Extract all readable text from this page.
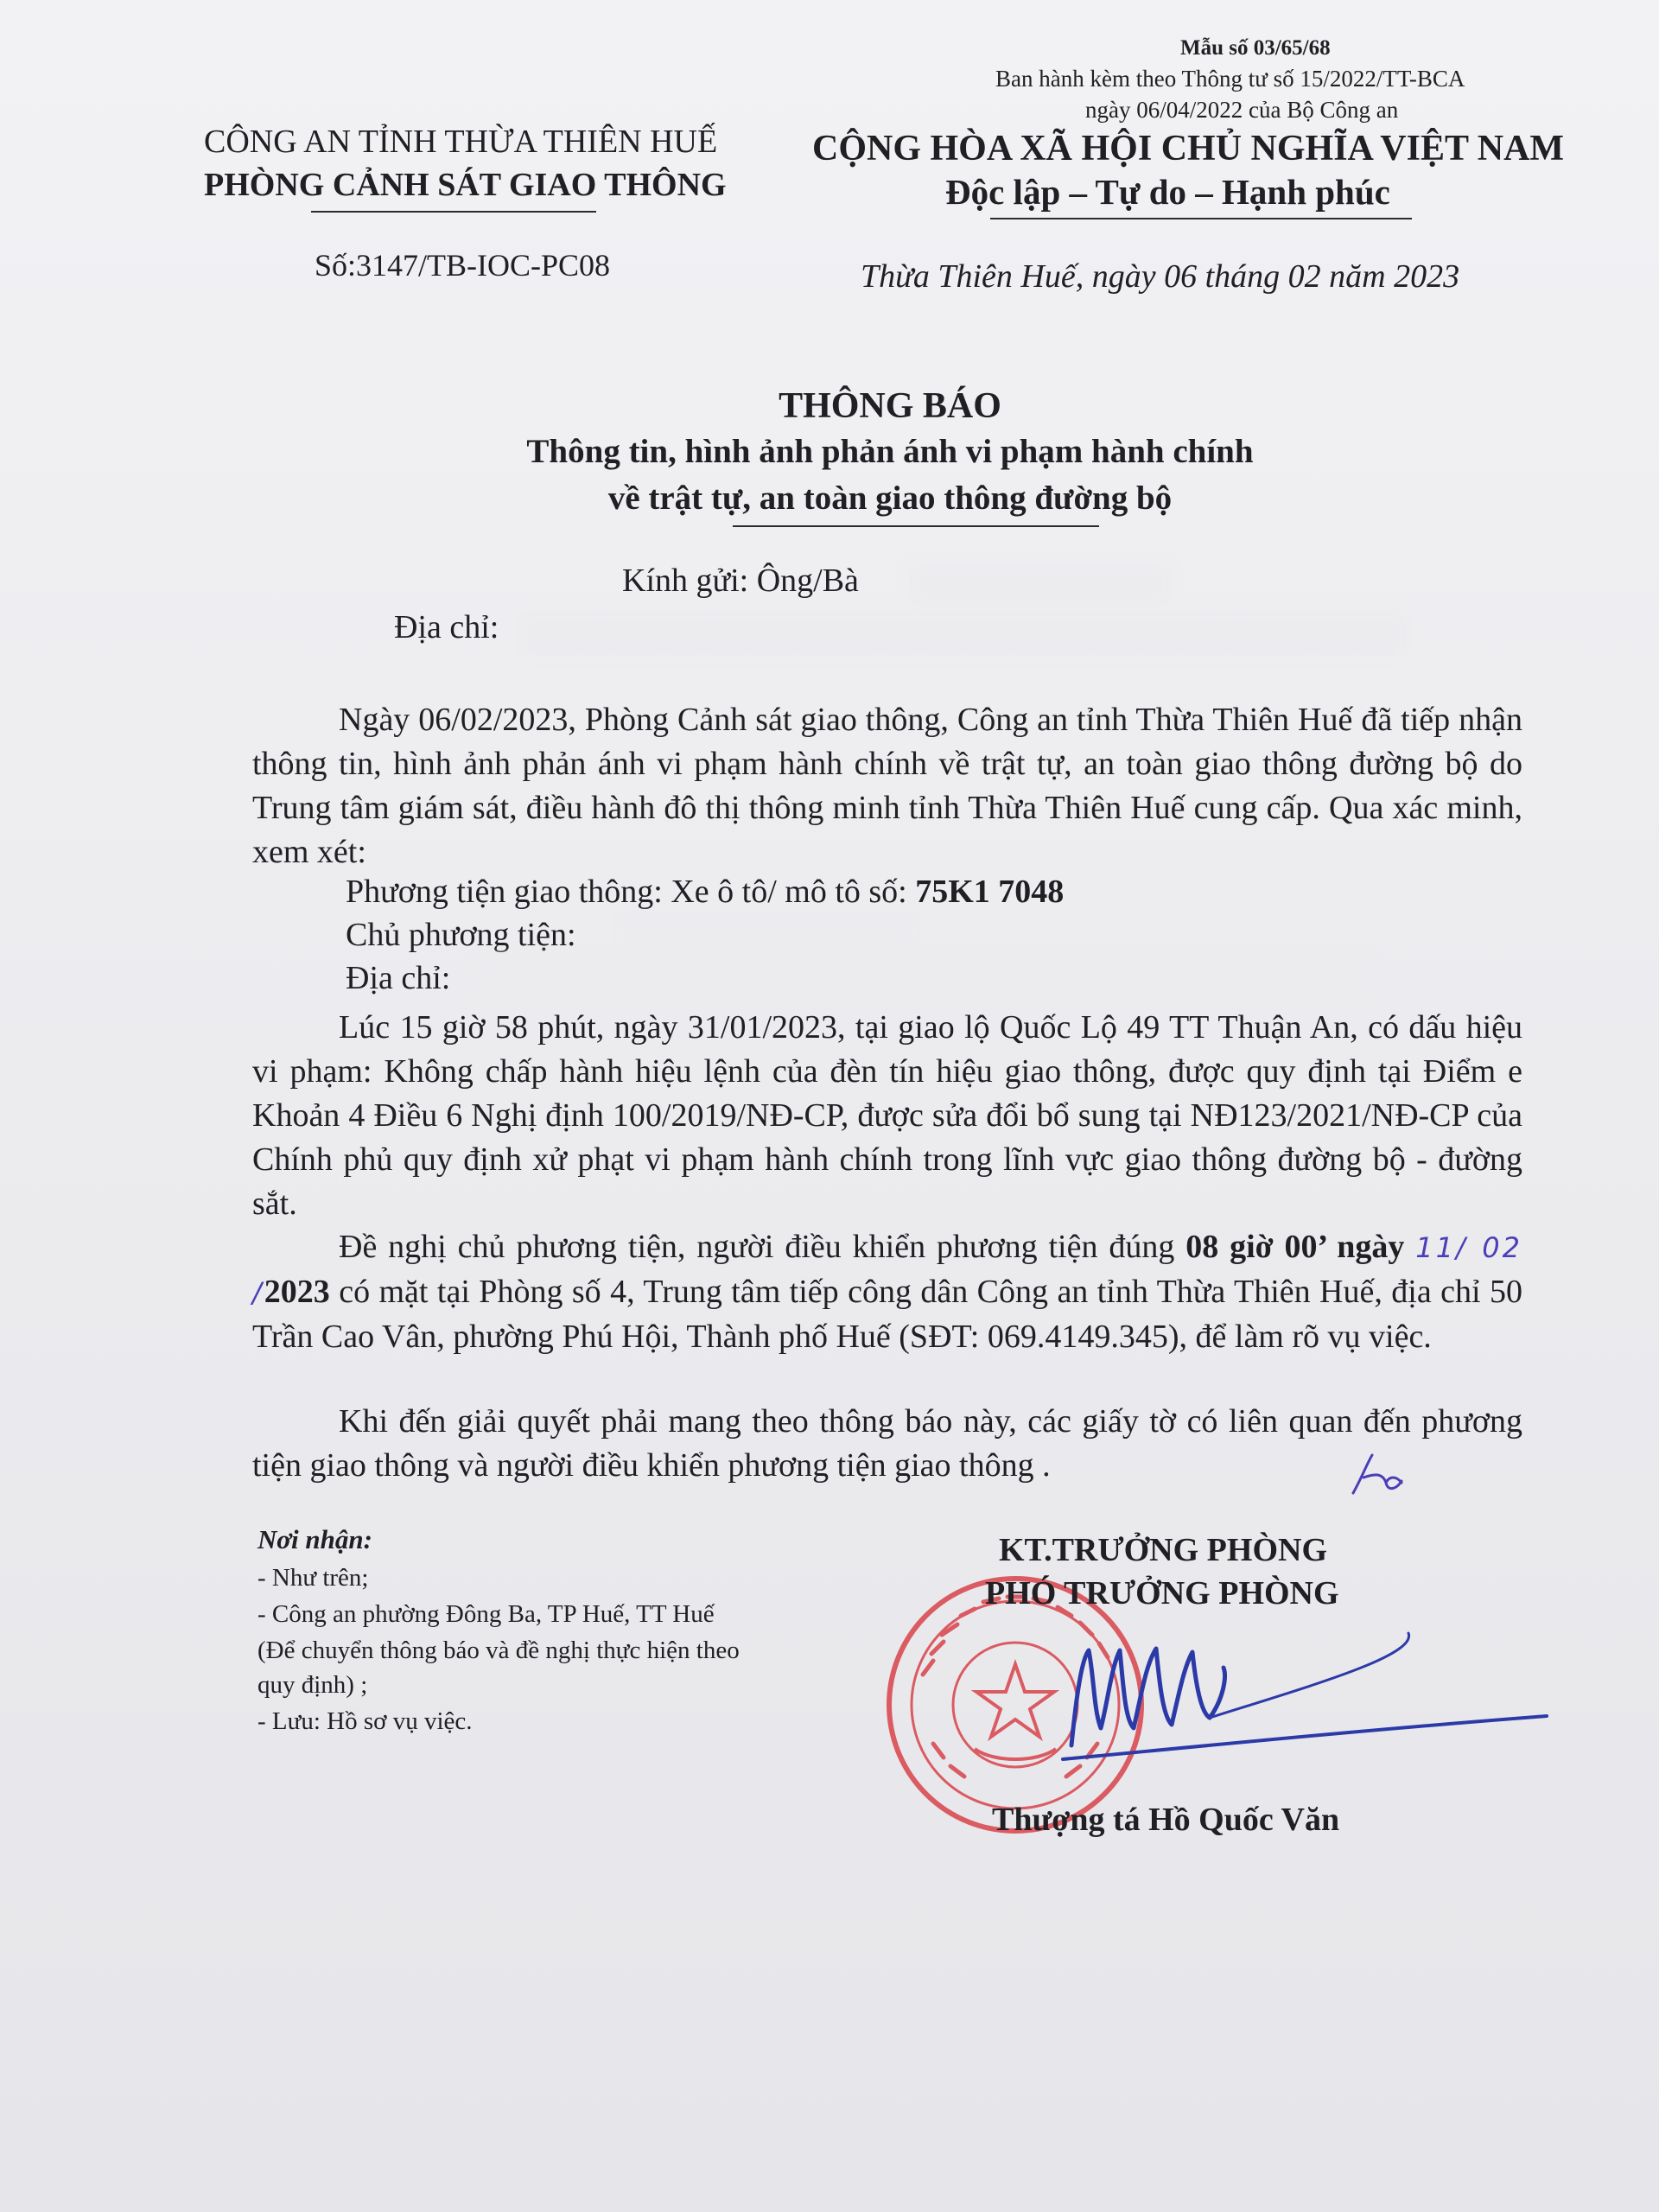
Mẫu số 03/65/68
Ban hành kèm theo Thông tư số 15/2022/TT-BCA
ngày 06/04/2022 của Bộ Công an
CÔNG AN TỈNH THỪA THIÊN HUẾ
PHÒNG CẢNH SÁT GIAO THÔNG
Số:3147/TB-IOC-PC08
CỘNG HÒA XÃ HỘI CHỦ NGHĨA VIỆT NAM
Độc lập – Tự do – Hạnh phúc
Thừa Thiên Huế, ngày 06 tháng 02 năm 2023
THÔNG BÁO
Thông tin, hình ảnh phản ánh vi phạm hành chính
về trật tự, an toàn giao thông đường bộ
Kính gửi: Ông/Bà
Địa chỉ:
Ngày 06/02/2023, Phòng Cảnh sát giao thông, Công an tỉnh Thừa Thiên Huế đã tiếp nhận thông tin, hình ảnh phản ánh vi phạm hành chính về trật tự, an toàn giao thông đường bộ do Trung tâm giám sát, điều hành đô thị thông minh tỉnh Thừa Thiên Huế cung cấp. Qua xác minh, xem xét:
Phương tiện giao thông: Xe ô tô/ mô tô số: 75K1 7048
Chủ phương tiện:
Địa chỉ:
Lúc 15 giờ 58 phút, ngày 31/01/2023, tại giao lộ Quốc Lộ 49 TT Thuận An, có dấu hiệu vi phạm: Không chấp hành hiệu lệnh của đèn tín hiệu giao thông, được quy định tại Điểm e Khoản 4 Điều 6 Nghị định 100/2019/NĐ-CP, được sửa đổi bổ sung tại NĐ123/2021/NĐ-CP của Chính phủ quy định xử phạt vi phạm hành chính trong lĩnh vực giao thông đường bộ - đường sắt.
Đề nghị chủ phương tiện, người điều khiển phương tiện đúng 08 giờ 00’ ngày 11/ 02 /2023 có mặt tại Phòng số 4, Trung tâm tiếp công dân Công an tỉnh Thừa Thiên Huế, địa chỉ 50 Trần Cao Vân, phường Phú Hội, Thành phố Huế (SĐT: 069.4149.345), để làm rõ vụ việc.
Khi đến giải quyết phải mang theo thông báo này, các giấy tờ có liên quan đến phương tiện giao thông và người điều khiển phương tiện giao thông .
Nơi nhận:
- Như trên;
- Công an phường Đông Ba, TP Huế, TT Huế
(Để chuyển thông báo và đề nghị thực hiện theo
quy định) ;
- Lưu: Hồ sơ vụ việc.
KT.TRƯỞNG PHÒNG
PHÓ TRƯỞNG PHÒNG
Thượng tá Hồ Quốc Văn
